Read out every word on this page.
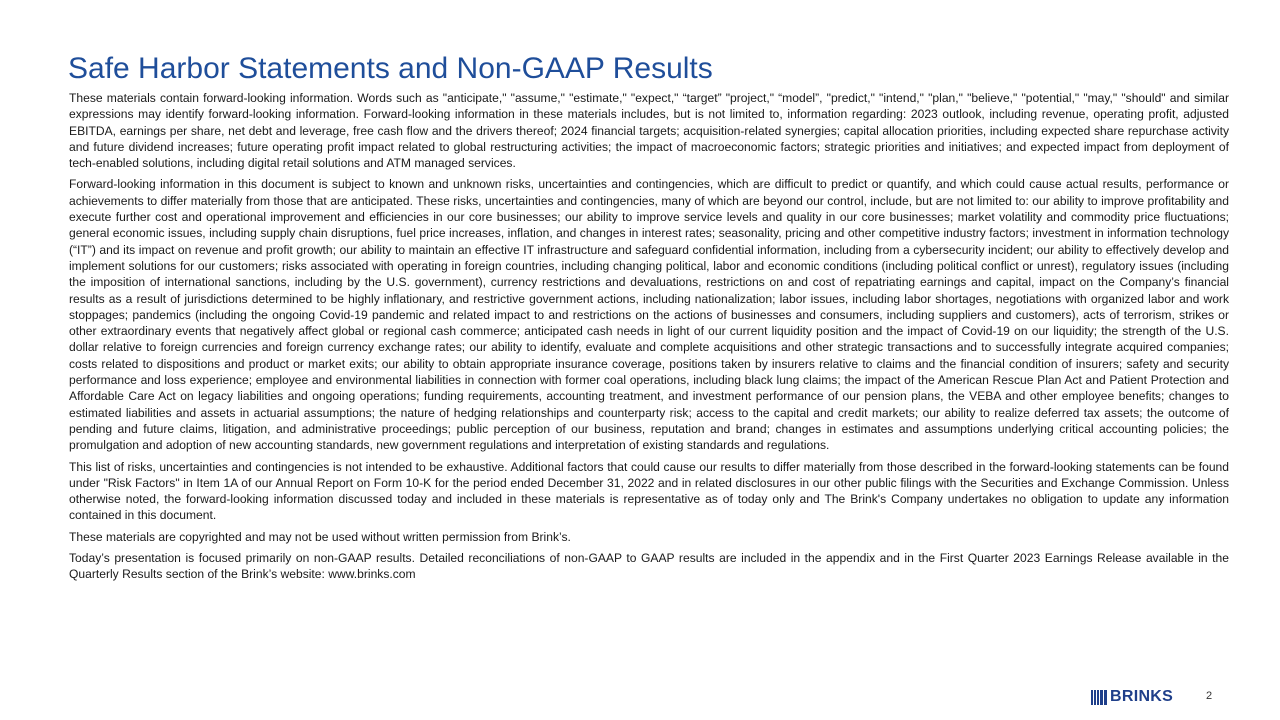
Safe Harbor Statements and Non-GAAP Results

These materials contain forward-looking information. Words such as "anticipate," "assume," "estimate," "expect," “target” "project," “model”, "predict," "intend," "plan," "believe," "potential," "may," "should" and similar expressions may identify forward-looking information. Forward-looking information in these materials includes, but is not limited to, information regarding: 2023 outlook, including revenue, operating profit, adjusted EBITDA, earnings per share, net debt and leverage, free cash flow and the drivers thereof; 2024 financial targets; acquisition-related synergies; capital allocation priorities, including expected share repurchase activity and future dividend increases; future operating profit impact related to global restructuring activities; the impact of macroeconomic factors; strategic priorities and initiatives; and expected impact from deployment of tech-enabled solutions, including digital retail solutions and ATM managed services.

Forward-looking information in this document is subject to known and unknown risks, uncertainties and contingencies, which are difficult to predict or quantify, and which could cause actual results, performance or achievements to differ materially from those that are anticipated. These risks, uncertainties and contingencies, many of which are beyond our control, include, but are not limited to: our ability to improve profitability and execute further cost and operational improvement and efficiencies in our core businesses; our ability to improve service levels and quality in our core businesses; market volatility and commodity price fluctuations; general economic issues, including supply chain disruptions, fuel price increases, inflation, and changes in interest rates; seasonality, pricing and other competitive industry factors; investment in information technology (“IT”) and its impact on revenue and profit growth; our ability to maintain an effective IT infrastructure and safeguard confidential information, including from a cybersecurity incident; our ability to effectively develop and implement solutions for our customers; risks associated with operating in foreign countries, including changing political, labor and economic conditions (including political conflict or unrest), regulatory issues (including the imposition of international sanctions, including by the U.S. government), currency restrictions and devaluations, restrictions on and cost of repatriating earnings and capital, impact on the Company’s financial results as a result of jurisdictions determined to be highly inflationary, and restrictive government actions, including nationalization; labor issues, including labor shortages, negotiations with organized labor and work stoppages; pandemics (including the ongoing Covid-19 pandemic and related impact to and restrictions on the actions of businesses and consumers, including suppliers and customers), acts of terrorism, strikes or other extraordinary events that negatively affect global or regional cash commerce; anticipated cash needs in light of our current liquidity position and the impact of Covid-19 on our liquidity; the strength of the U.S. dollar relative to foreign currencies and foreign currency exchange rates; our ability to identify, evaluate and complete acquisitions and other strategic transactions and to successfully integrate acquired companies; costs related to dispositions and product or market exits; our ability to obtain appropriate insurance coverage, positions taken by insurers relative to claims and the financial condition of insurers; safety and security performance and loss experience; employee and environmental liabilities in connection with former coal operations, including black lung claims; the impact of the American Rescue Plan Act and Patient Protection and Affordable Care Act on legacy liabilities and ongoing operations; funding requirements, accounting treatment, and investment performance of our pension plans, the VEBA and other employee benefits; changes to estimated liabilities and assets in actuarial assumptions; the nature of hedging relationships and counterparty risk; access to the capital and credit markets; our ability to realize deferred tax assets; the outcome of pending and future claims, litigation, and administrative proceedings; public perception of our business, reputation and brand; changes in estimates and assumptions underlying critical accounting policies; the promulgation and adoption of new accounting standards, new government regulations and interpretation of existing standards and regulations.

This list of risks, uncertainties and contingencies is not intended to be exhaustive. Additional factors that could cause our results to differ materially from those described in the forward-looking statements can be found under "Risk Factors" in Item 1A of our Annual Report on Form 10-K for the period ended December 31, 2022 and in related disclosures in our other public filings with the Securities and Exchange Commission. Unless otherwise noted, the forward-looking information discussed today and included in these materials is representative as of today only and The Brink's Company undertakes no obligation to update any information contained in this document.

These materials are copyrighted and may not be used without written permission from Brink’s.

Today’s presentation is focused primarily on non-GAAP results. Detailed reconciliations of non-GAAP to GAAP results are included in the appendix and in the First Quarter 2023 Earnings Release available in the Quarterly Results section of the Brink’s website: www.brinks.com

BRINKS	2
